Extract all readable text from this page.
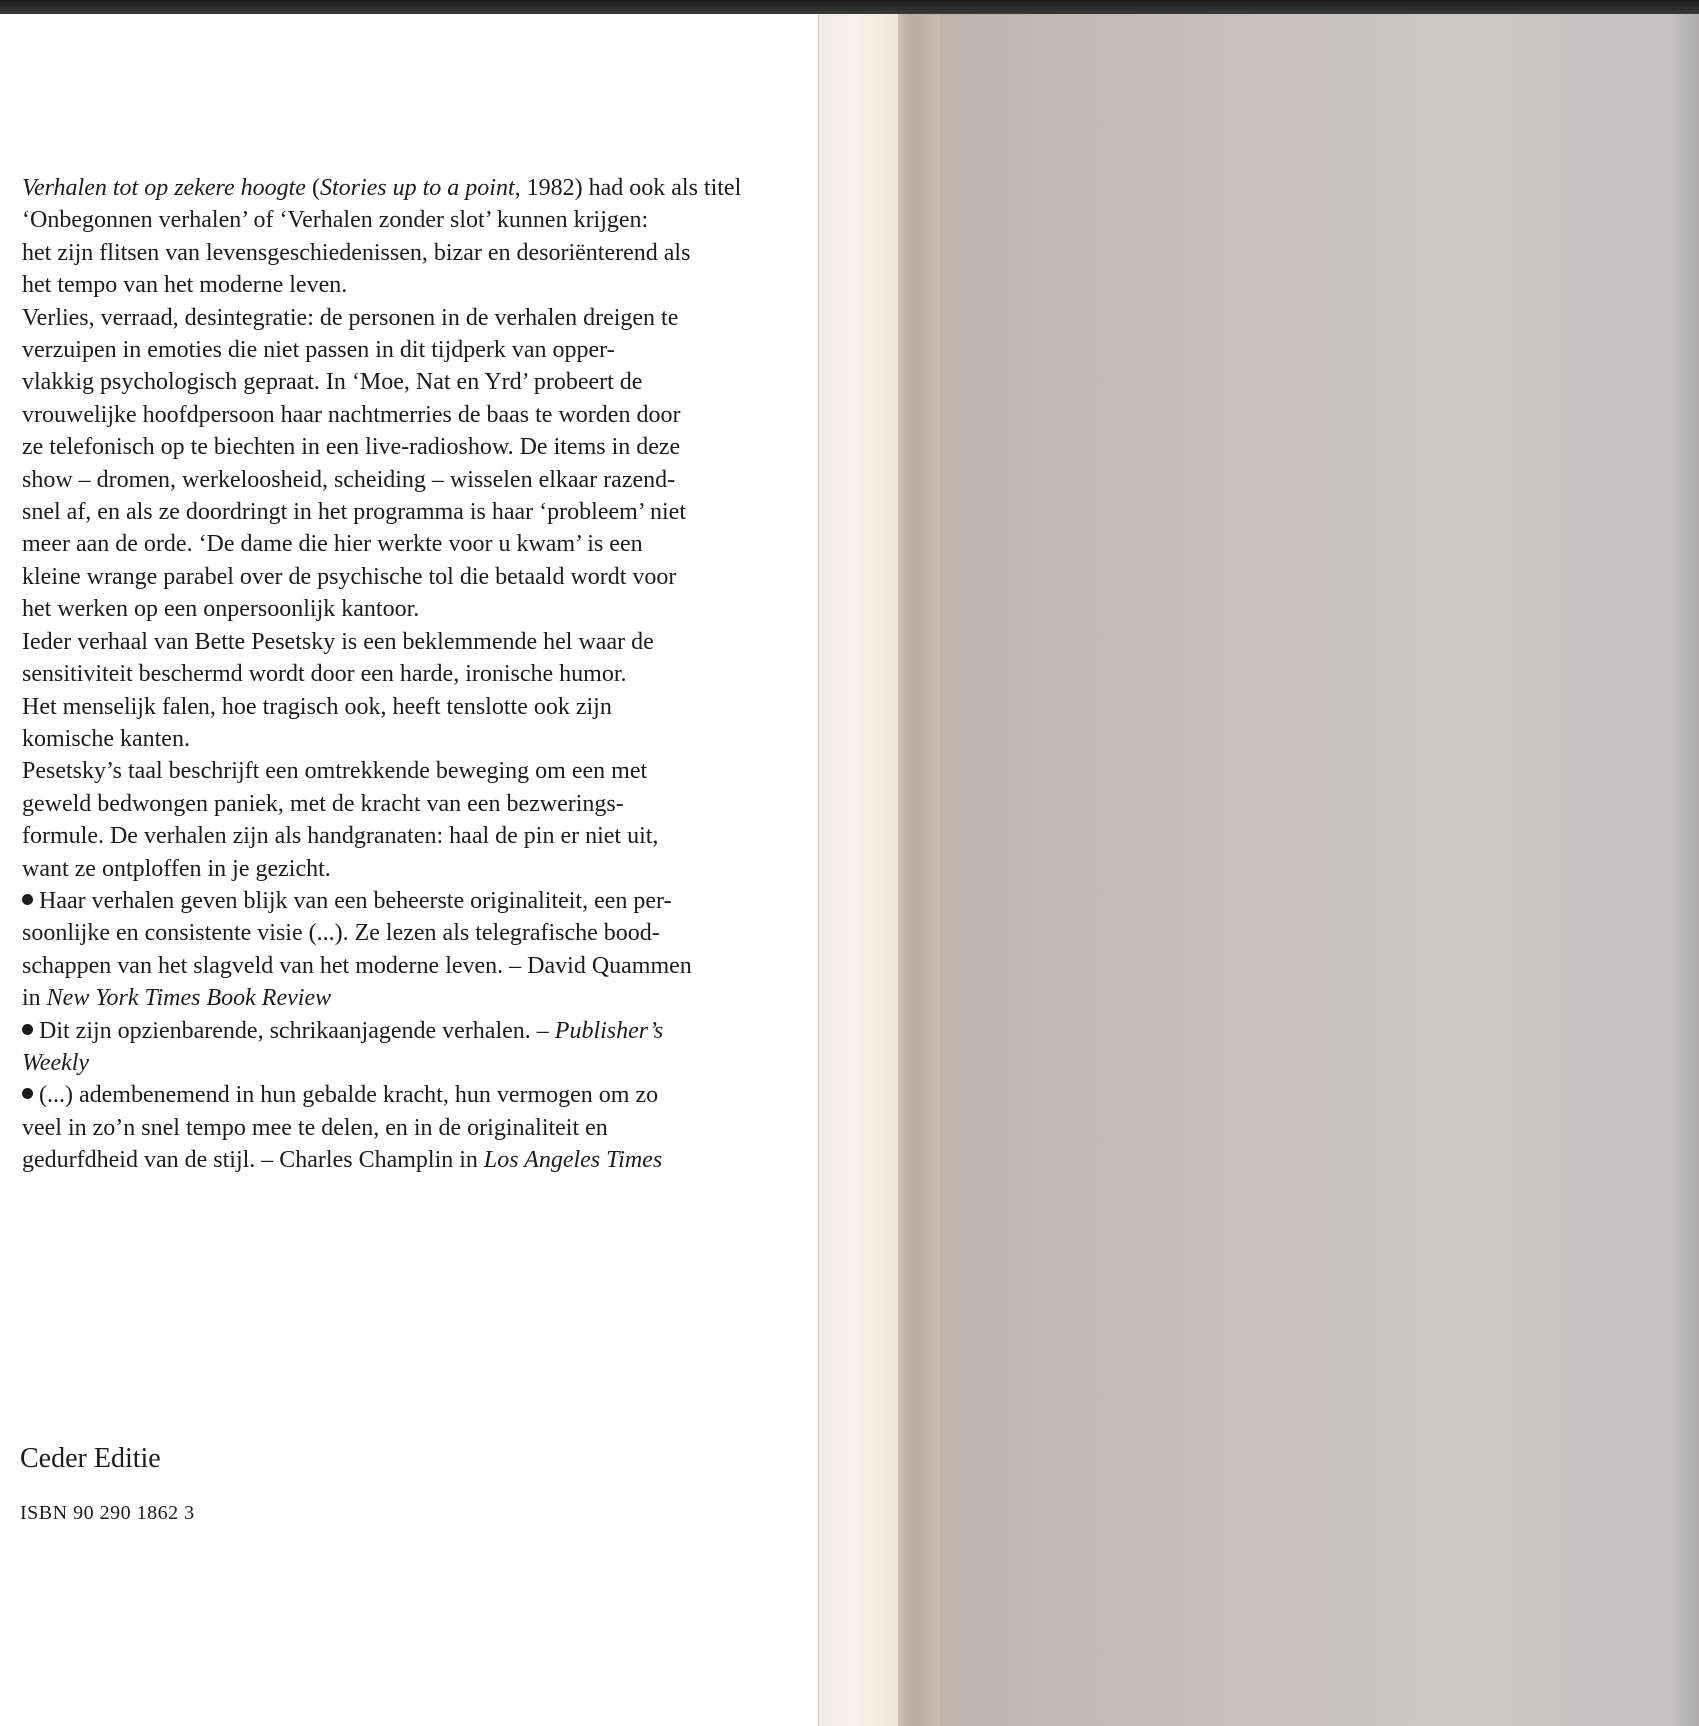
Verhalen tot op zekere hoogte (Stories up to a point, 1982) had ook als titel
‘Onbegonnen verhalen’ of ‘Verhalen zonder slot’ kunnen krijgen:
het zijn flitsen van levensgeschiedenissen, bizar en desoriënterend als
het tempo van het moderne leven.
Verlies, verraad, desintegratie: de personen in de verhalen dreigen te
verzuipen in emoties die niet passen in dit tijdperk van opper-
vlakkig psychologisch gepraat. In ‘Moe, Nat en Yrd’ probeert de
vrouwelijke hoofdpersoon haar nachtmerries de baas te worden door
ze telefonisch op te biechten in een live-radioshow. De items in deze
show – dromen, werkeloosheid, scheiding – wisselen elkaar razend-
snel af, en als ze doordringt in het programma is haar ‘probleem’ niet
meer aan de orde. ‘De dame die hier werkte voor u kwam’ is een
kleine wrange parabel over de psychische tol die betaald wordt voor
het werken op een onpersoonlijk kantoor.
Ieder verhaal van Bette Pesetsky is een beklemmende hel waar de
sensitiviteit beschermd wordt door een harde, ironische humor.
Het menselijk falen, hoe tragisch ook, heeft tenslotte ook zijn
komische kanten.
Pesetsky’s taal beschrijft een omtrekkende beweging om een met
geweld bedwongen paniek, met de kracht van een bezwerings-
formule. De verhalen zijn als handgranaten: haal de pin er niet uit,
want ze ontploffen in je gezicht.
Haar verhalen geven blijk van een beheerste originaliteit, een per-
soonlijke en consistente visie (...). Ze lezen als telegrafische bood-
schappen van het slagveld van het moderne leven. – David Quammen
in New York Times Book Review
Dit zijn opzienbarende, schrikaanjagende verhalen. – Publisher’s
Weekly
(...) adembenemend in hun gebalde kracht, hun vermogen om zo
veel in zo’n snel tempo mee te delen, en in de originaliteit en
gedurfdheid van de stijl. – Charles Champlin in Los Angeles Times
Ceder Editie
ISBN 90 290 1862 3
